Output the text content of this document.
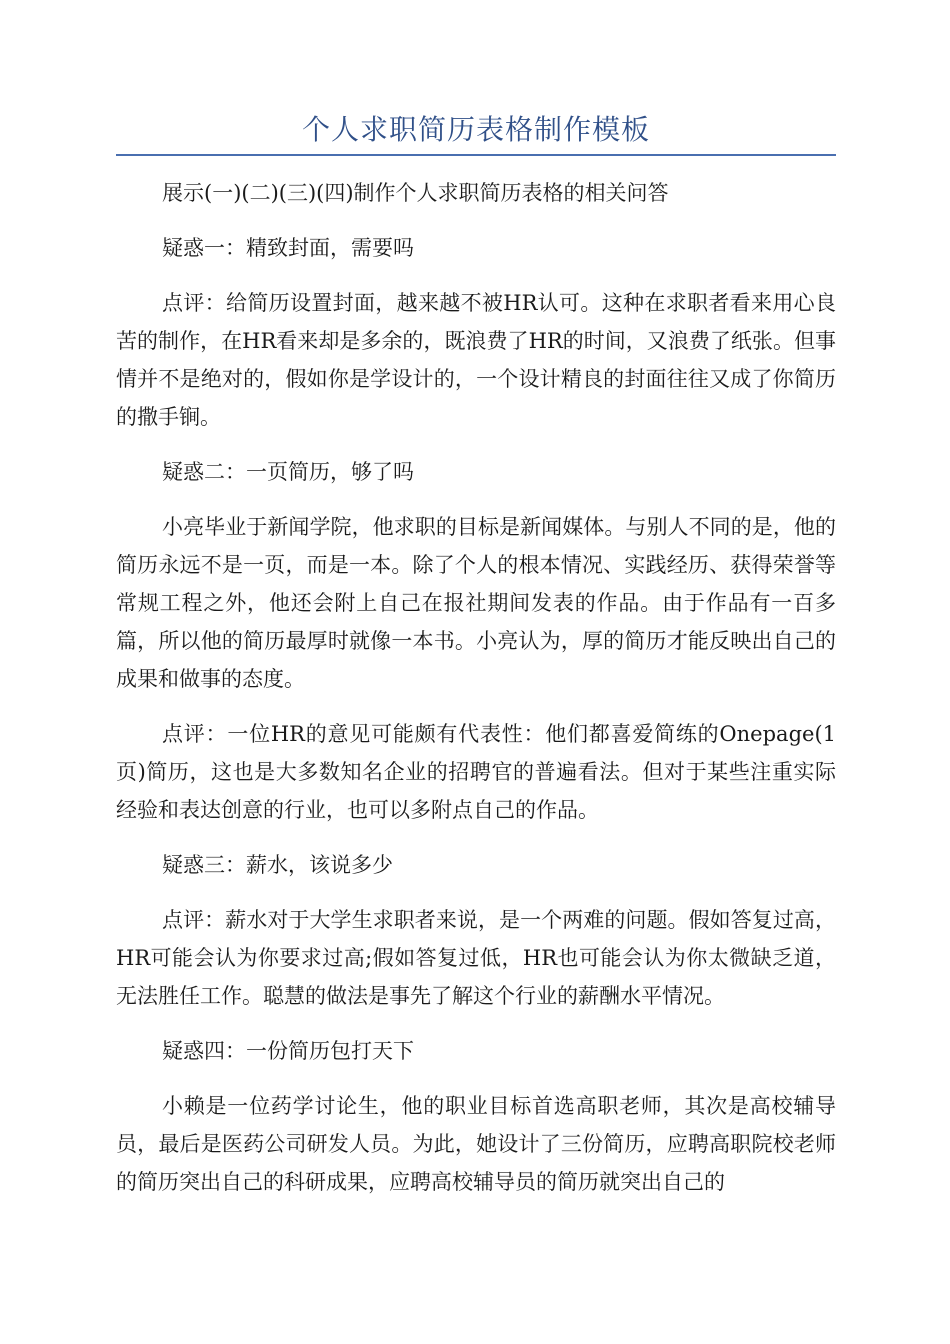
个人求职简历表格制作模板

展示(一)(二)(三)(四)制作个人求职简历表格的相关问答

疑惑一：精致封面，需要吗

点评：给简历设置封面，越来越不被HR认可。这种在求职者看来用心良苦的制作，在HR看来却是多余的，既浪费了HR的时间，又浪费了纸张。但事情并不是绝对的，假如你是学设计的，一个设计精良的封面往往又成了你简历的撒手锏。

疑惑二：一页简历，够了吗

小亮毕业于新闻学院，他求职的目标是新闻媒体。与别人不同的是，他的简历永远不是一页，而是一本。除了个人的根本情况、实践经历、获得荣誉等常规工程之外，他还会附上自己在报社期间发表的作品。由于作品有一百多篇，所以他的简历最厚时就像一本书。小亮认为，厚的简历才能反映出自己的成果和做事的态度。

点评：一位HR的意见可能颇有代表性：他们都喜爱简练的Onepage(1页)简历，这也是大多数知名企业的招聘官的普遍看法。但对于某些注重实际经验和表达创意的行业，也可以多附点自己的作品。

疑惑三：薪水，该说多少

点评：薪水对于大学生求职者来说，是一个两难的问题。假如答复过高，HR可能会认为你要求过高;假如答复过低，HR也可能会认为你太微缺乏道，无法胜任工作。聪慧的做法是事先了解这个行业的薪酬水平情况。

疑惑四：一份简历包打天下

小赖是一位药学讨论生，他的职业目标首选高职老师，其次是高校辅导员，最后是医药公司研发人员。为此，她设计了三份简历，应聘高职院校老师的简历突出自己的科研成果，应聘高校辅导员的简历就突出自己的
